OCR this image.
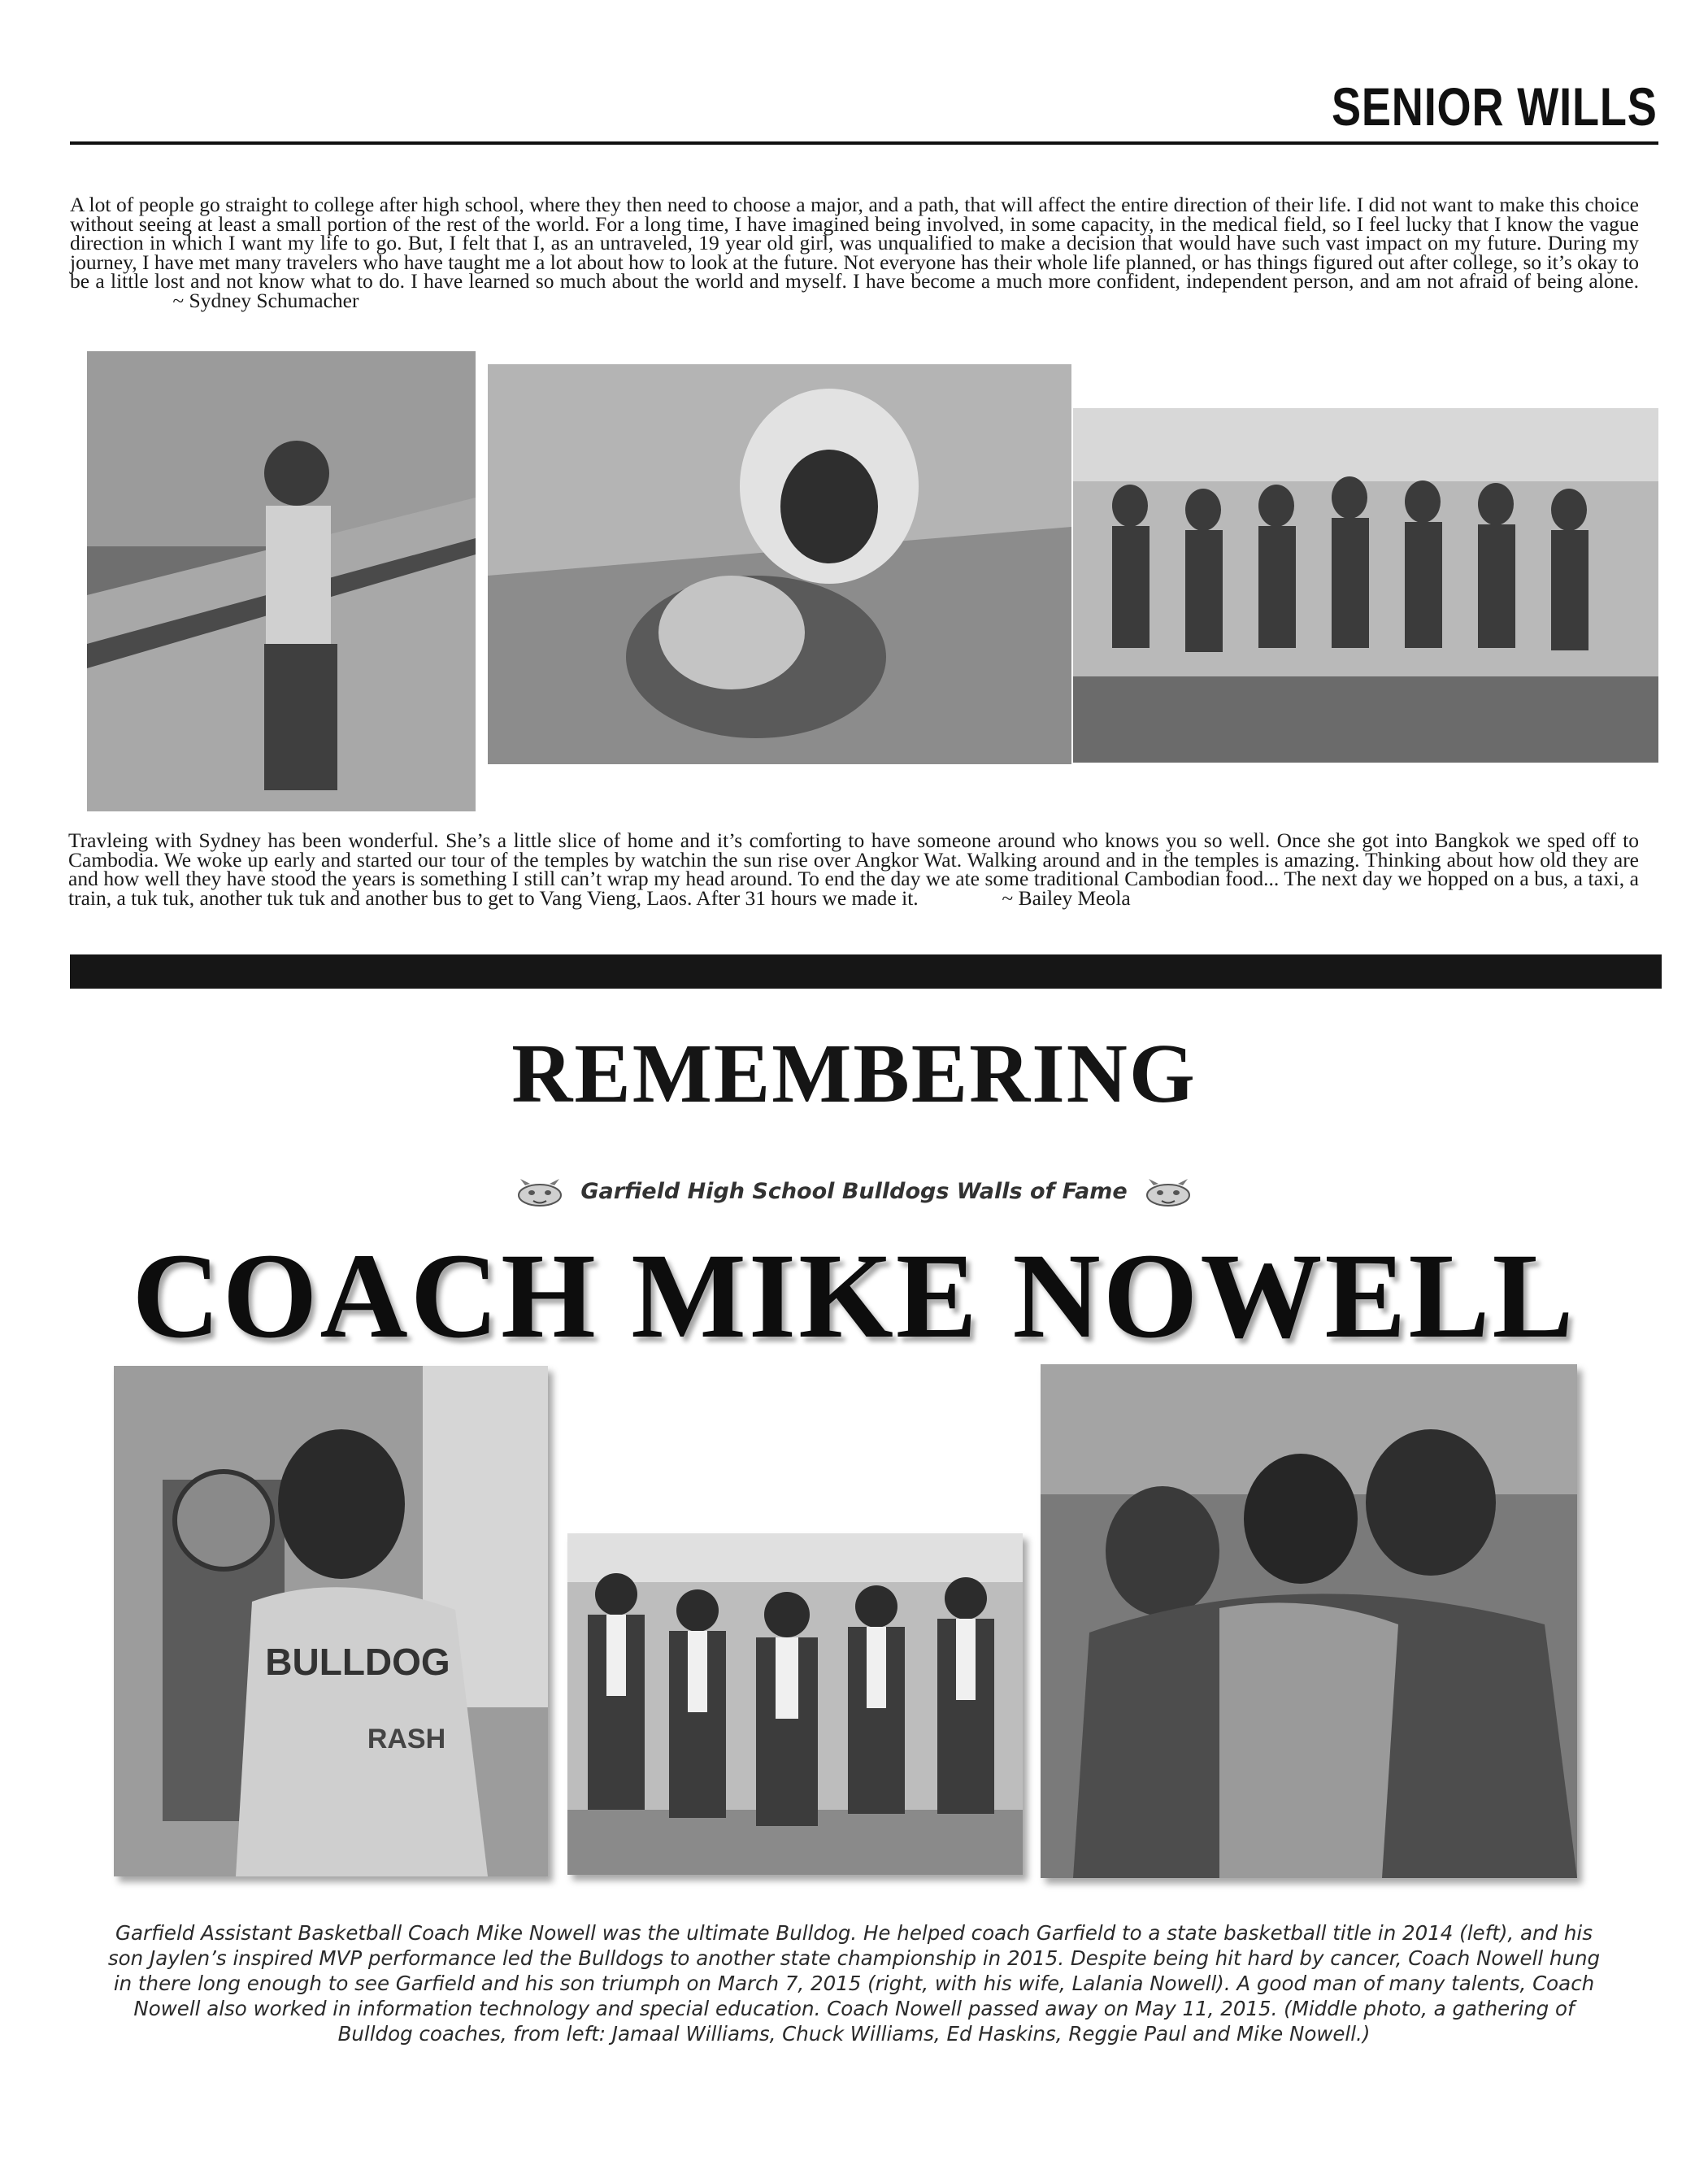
SENIOR WILLS
A lot of people go straight to college after high school, where they then need to choose a major, and a path, that will affect the entire direction of their life. I did not want to make this choice without seeing at least a small portion of the rest of the world. For a long time, I have imagined being involved, in some capacity, in the medical field, so I feel lucky that I know the vague direction in which I want my life to go. But, I felt that I, as an untraveled, 19 year old girl, was unqualified to make a decision that would have such vast impact on my future. During my journey, I have met many travelers who have taught me a lot about how to look at the future. Not everyone has their whole life planned, or has things figured out after college, so it’s okay to be a little lost and not know what to do. I have learned so much about the world and myself. I have become a much more confident, independent person, and am not afraid of being alone.  ~ Sydney Schumacher
Travleing with Sydney has been wonderful. She’s a little slice of home and it’s comforting to have someone around who knows you so well. Once she got into Bangkok we sped off to Cambodia. We woke up early and started our tour of the temples by watchin the sun rise over Angkor Wat. Walking around and in the temples is amazing. Thinking about how old they are and how well they have stood the years is something I still can’t wrap my head around. To end the day we ate some traditional Cambodian food... The next day we hopped on a bus, a taxi, a train, a tuk tuk, another tuk tuk and another bus to get to Vang Vieng, Laos. After 31 hours we made it.	~ Bailey Meola
REMEMBERING
Garfield High School Bulldogs Walls of Fame
COACH MIKE NOWELL
BULLDOG
RASH
Garfield Assistant Basketball Coach Mike Nowell was the ultimate Bulldog. He helped coach Garfield to a state basketball title in 2014 (left), and his son Jaylen’s inspired MVP performance led the Bulldogs to another state championship in 2015. Despite being hit hard by cancer, Coach Nowell hung in there long enough to see Garfield and his son triumph on March 7, 2015 (right, with his wife, Lalania Nowell). A good man of many talents, Coach Nowell also worked in information technology and special education. Coach Nowell passed away on May 11, 2015. (Middle photo, a gathering of Bulldog coaches, from left: Jamaal Williams, Chuck Williams, Ed Haskins, Reggie Paul and Mike Nowell.)
